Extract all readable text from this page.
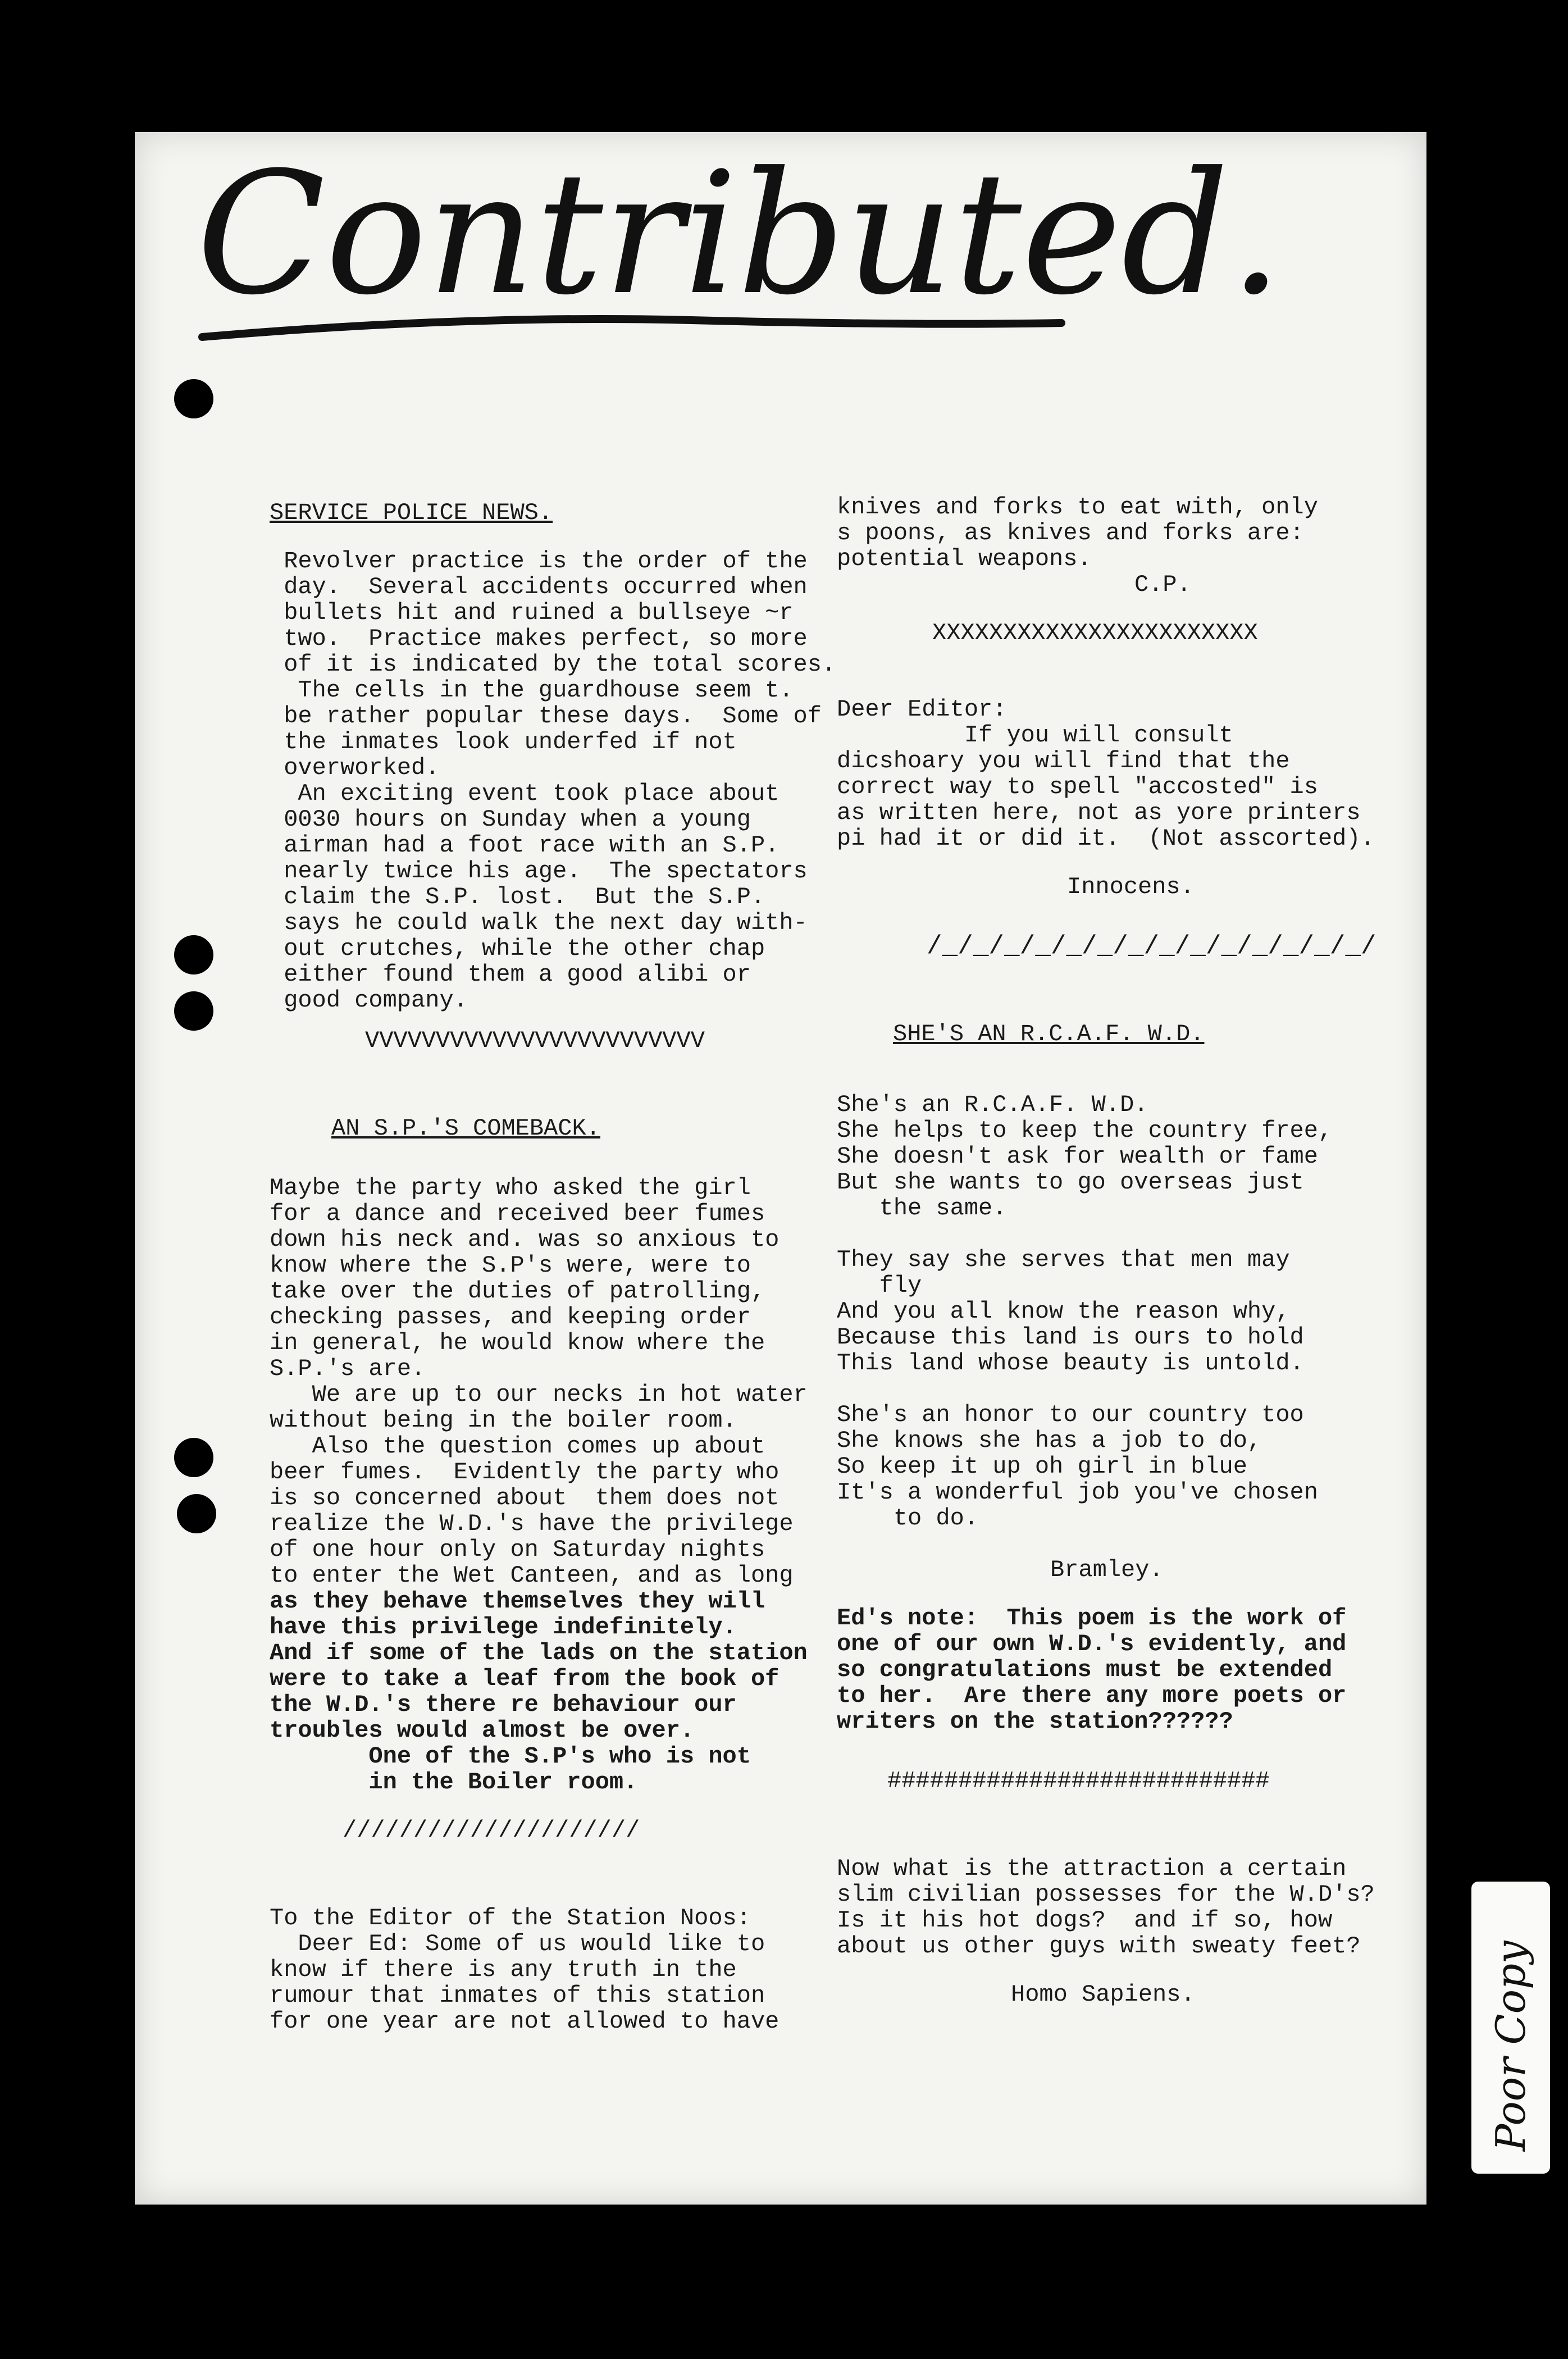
Contributed.

SERVICE POLICE NEWS.

Revolver practice is the order of the

day.  Several accidents occurred when

bullets hit and ruined a bullseye ~r

two.  Practice makes perfect, so more

of it is indicated by the total scores.

The cells in the guardhouse seem t.

be rather popular these days.  Some of

the inmates look underfed if not

overworked.

An exciting event took place about

0030 hours on Sunday when a young

airman had a foot race with an S.P.

nearly twice his age.  The spectators

claim the S.P. lost.  But the S.P.

says he could walk the next day with-

out crutches, while the other chap

either found them a good alibi or

good company.

VVVVVVVVVVVVVVVVVVVVVVVV

AN S.P.'S COMEBACK.

Maybe the party who asked the girl

for a dance and received beer fumes

down his neck and. was so anxious to

know where the S.P's were, were to

take over the duties of patrolling,

checking passes, and keeping order

in general, he would know where the

S.P.'s are.

We are up to our necks in hot water

without being in the boiler room.

Also the question comes up about

beer fumes.  Evidently the party who

is so concerned about  them does not

realize the W.D.'s have the privilege

of one hour only on Saturday nights

to enter the Wet Canteen, and as long

as they behave themselves they will

have this privilege indefinitely.

And if some of the lads on the station

were to take a leaf from the book of

the W.D.'s there re behaviour our

troubles would almost be over.

One of the S.P's who is not

in the Boiler room.

/////////////////////

To the Editor of the Station Noos:

Deer Ed: Some of us would like to

know if there is any truth in the

rumour that inmates of this station

for one year are not allowed to have

knives and forks to eat with, only

s poons, as knives and forks are:

potential weapons.

C.P.

XXXXXXXXXXXXXXXXXXXXXXX

Deer Editor:

If you will consult

dicshoary you will find that the

correct way to spell "accosted" is

as written here, not as yore printers

pi had it or did it.  (Not asscorted).

Innocens.

/_/_/_/_/_/_/_/_/_/_/_/_/_/_/

SHE'S AN R.C.A.F. W.D.

She's an R.C.A.F. W.D.

She helps to keep the country free,

She doesn't ask for wealth or fame

But she wants to go overseas just

the same.

They say she serves that men may

fly

And you all know the reason why,

Because this land is ours to hold

This land whose beauty is untold.

She's an honor to our country too

She knows she has a job to do,

So keep it up oh girl in blue

It's a wonderful job you've chosen

to do.

Bramley.

Ed's note:  This poem is the work of

one of our own W.D.'s evidently, and

so congratulations must be extended

to her.  Are there any more poets or

writers on the station??????

###########################

Now what is the attraction a certain

slim civilian possesses for the W.D's?

Is it his hot dogs?  and if so, how

about us other guys with sweaty feet?

Homo Sapiens.	Poor Copy
